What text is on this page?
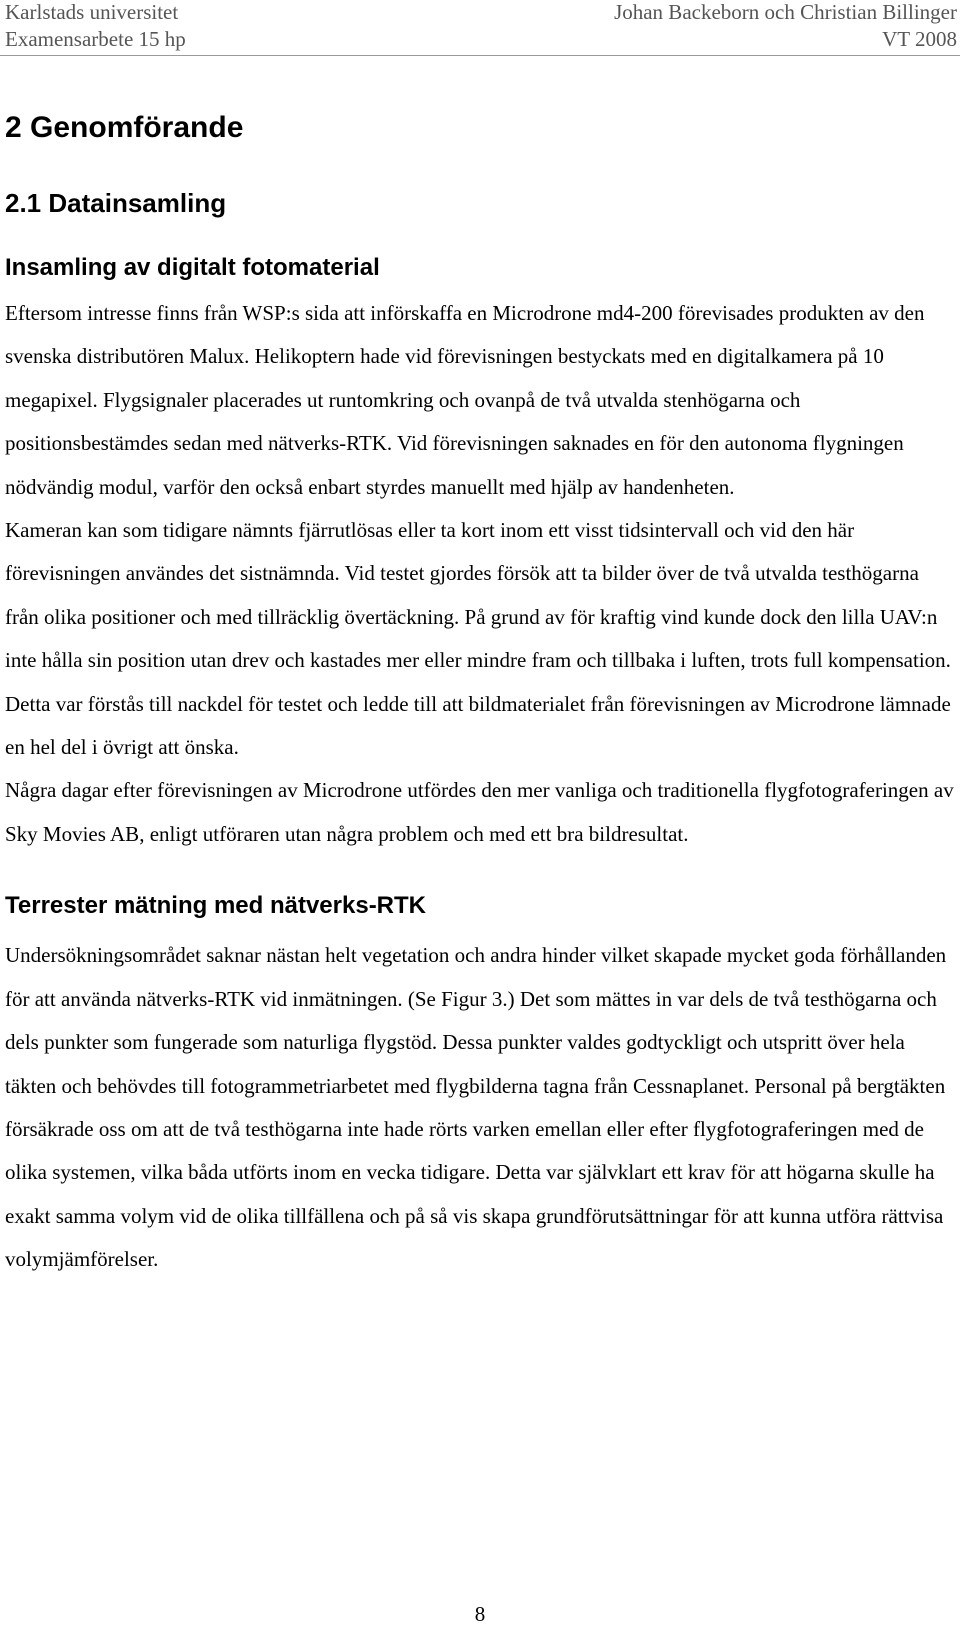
Karlstads universitet	Johan Backeborn och Christian Billinger
Examensarbete 15 hp	VT 2008
2 Genomförande
2.1 Datainsamling
Insamling av digitalt fotomaterial

Eftersom intresse finns från WSP:s sida att införskaffa en Microdrone md4-200 förevisades produkten av den svenska distributören Malux. Helikoptern hade vid förevisningen bestyckats med en digitalkamera på 10 megapixel. Flygsignaler placerades ut runtomkring och ovanpå de två utvalda stenhögarna och positionsbestämdes sedan med nätverks-RTK. Vid förevisningen saknades en för den autonoma flygningen nödvändig modul, varför den också enbart styrdes manuellt med hjälp av handenheten.

Kameran kan som tidigare nämnts fjärrutlösas eller ta kort inom ett visst tidsintervall och vid den här förevisningen användes det sistnämnda. Vid testet gjordes försök att ta bilder över de två utvalda testhögarna från olika positioner och med tillräcklig övertäckning. På grund av för kraftig vind kunde dock den lilla UAV:n inte hålla sin position utan drev och kastades mer eller mindre fram och tillbaka i luften, trots full kompensation. Detta var förstås till nackdel för testet och ledde till att bildmaterialet från förevisningen av Microdrone lämnade en hel del i övrigt att önska.

Några dagar efter förevisningen av Microdrone utfördes den mer vanliga och traditionella flygfotograferingen av Sky Movies AB, enligt utföraren utan några problem och med ett bra bildresultat.

Terrester mätning med nätverks-RTK

Undersökningsområdet saknar nästan helt vegetation och andra hinder vilket skapade mycket goda förhållanden för att använda nätverks-RTK vid inmätningen. (Se Figur 3.) Det som mättes in var dels de två testhögarna och dels punkter som fungerade som naturliga flygstöd. Dessa punkter valdes godtyckligt och utspritt över hela täkten och behövdes till fotogrammetriarbetet med flygbilderna tagna från Cessnaplanet. Personal på bergtäkten försäkrade oss om att de två testhögarna inte hade rörts varken emellan eller efter flygfotograferingen med de olika systemen, vilka båda utförts inom en vecka tidigare. Detta var självklart ett krav för att högarna skulle ha exakt samma volym vid de olika tillfällena och på så vis skapa grundförutsättningar för att kunna utföra rättvisa volymjämförelser.

8
